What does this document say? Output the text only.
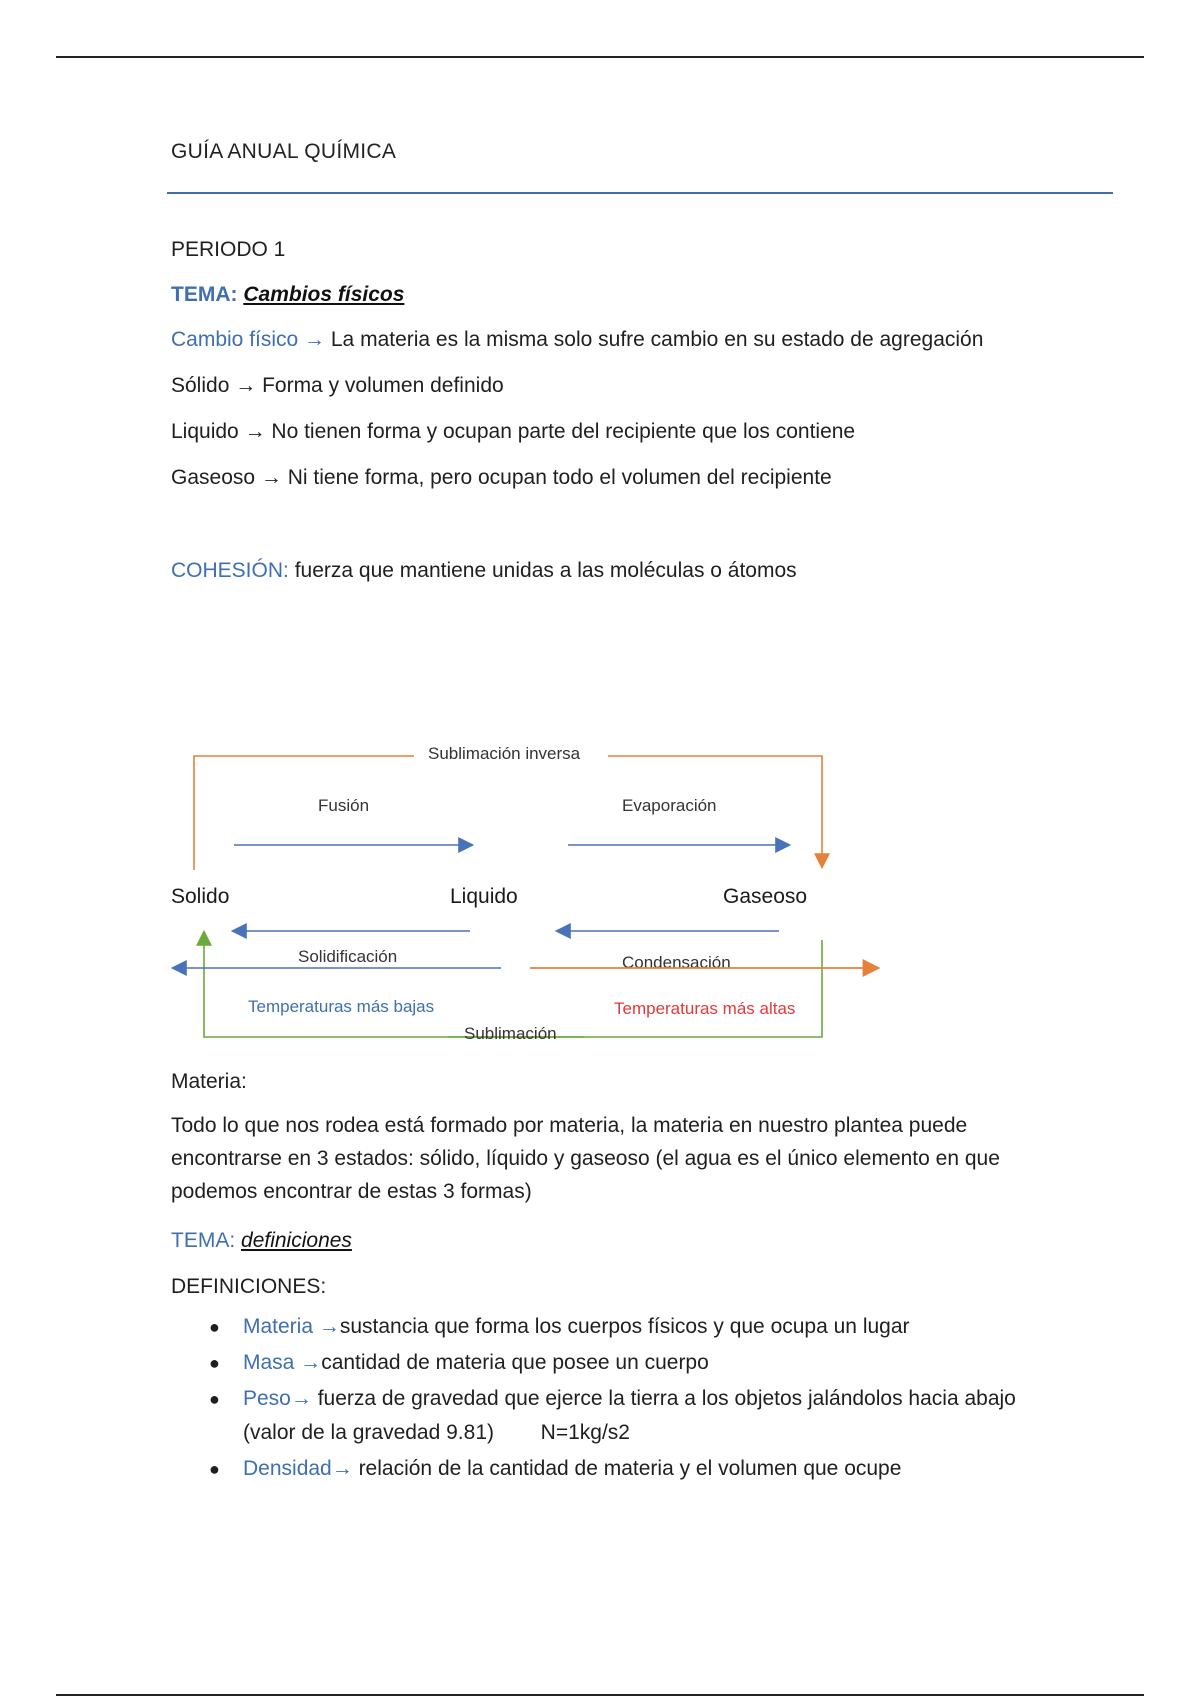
GUÍA ANUAL QUÍMICA
PERIODO 1
TEMA: Cambios físicos
Cambio físico → La materia es la misma solo sufre cambio en su estado de agregación
Sólido → Forma y volumen definido
Liquido → No tienen forma y ocupan parte del recipiente que los contiene
Gaseoso → Ni tiene forma, pero ocupan todo el volumen del recipiente
COHESIÓN: fuerza que mantiene unidas a las moléculas o átomos
Sublimación inversa
Fusión	Evaporación
Solido	Liquido	Gaseoso
Solidificación	Condensación
Sublimación
Temperaturas más bajas	Temperaturas más altas
Materia:
Todo lo que nos rodea está formado por materia, la materia en nuestro plantea puede encontrarse en 3 estados: sólido, líquido y gaseoso (el agua es el único elemento en que podemos encontrar de estas 3 formas)
TEMA: definiciones
DEFINICIONES:
● Materia →sustancia que forma los cuerpos físicos y que ocupa un lugar
● Masa →cantidad de materia que posee un cuerpo
● Peso→ fuerza de gravedad que ejerce la tierra a los objetos jalándolos hacia abajo (valor de la gravedad 9.81)        N=1kg/s2
● Densidad→ relación de la cantidad de materia y el volumen que ocupe
